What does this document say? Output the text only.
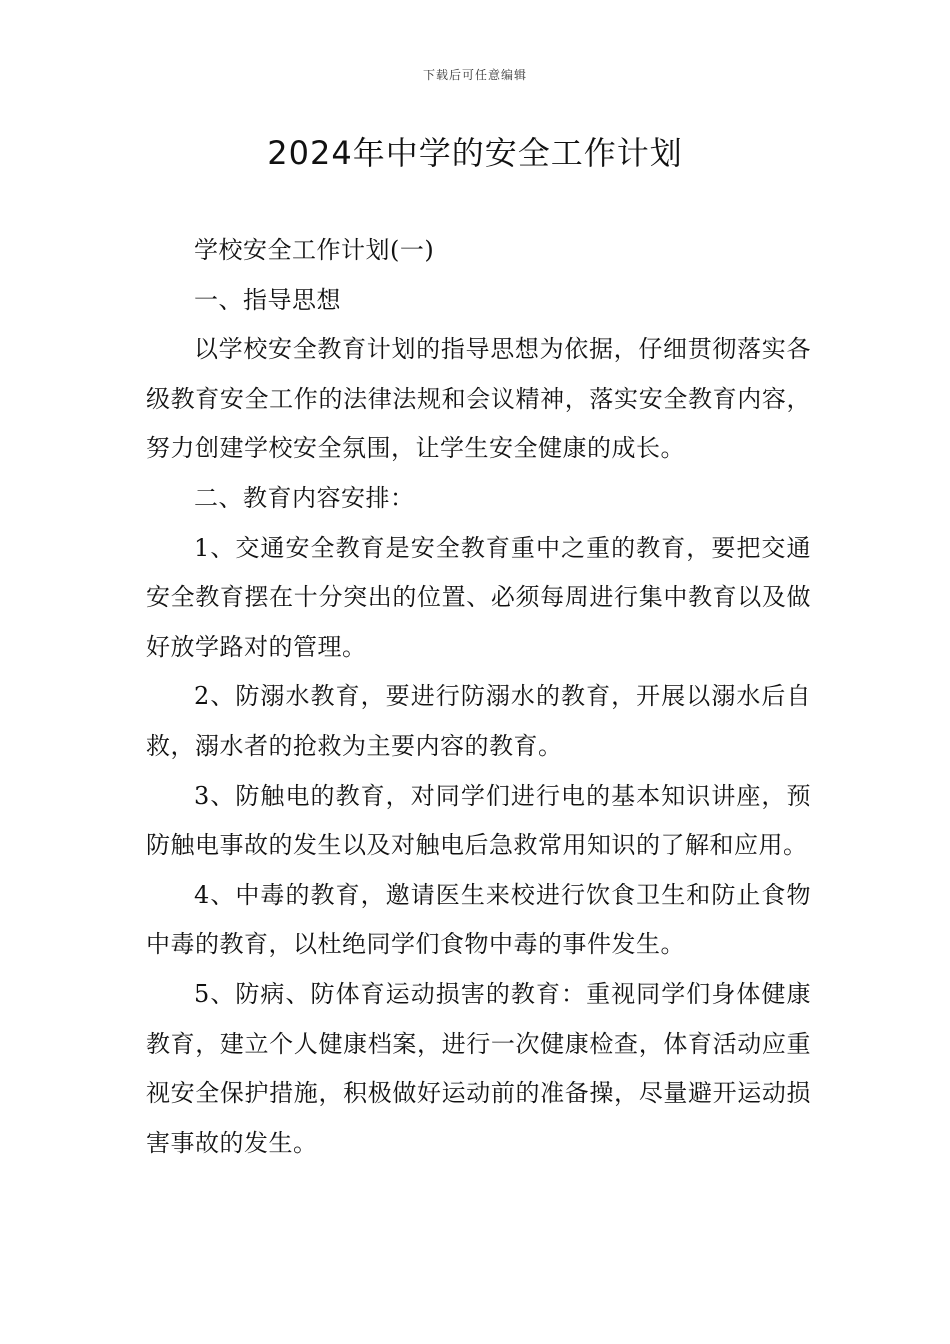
下载后可任意编辑
2024年中学的安全工作计划

学校安全工作计划(一)

一、指导思想

以学校安全教育计划的指导思想为依据，仔细贯彻落实各级教育安全工作的法律法规和会议精神，落实安全教育内容，努力创建学校安全氛围，让学生安全健康的成长。

二、教育内容安排：

1、交通安全教育是安全教育重中之重的教育，要把交通安全教育摆在十分突出的位置、必须每周进行集中教育以及做好放学路对的管理。

2、防溺水教育，要进行防溺水的教育，开展以溺水后自救，溺水者的抢救为主要内容的教育。

3、防触电的教育，对同学们进行电的基本知识讲座，预防触电事故的发生以及对触电后急救常用知识的了解和应用。

4、中毒的教育，邀请医生来校进行饮食卫生和防止食物中毒的教育，以杜绝同学们食物中毒的事件发生。

5、防病、防体育运动损害的教育：重视同学们身体健康教育，建立个人健康档案，进行一次健康检查，体育活动应重视安全保护措施，积极做好运动前的准备操，尽量避开运动损害事故的发生。
